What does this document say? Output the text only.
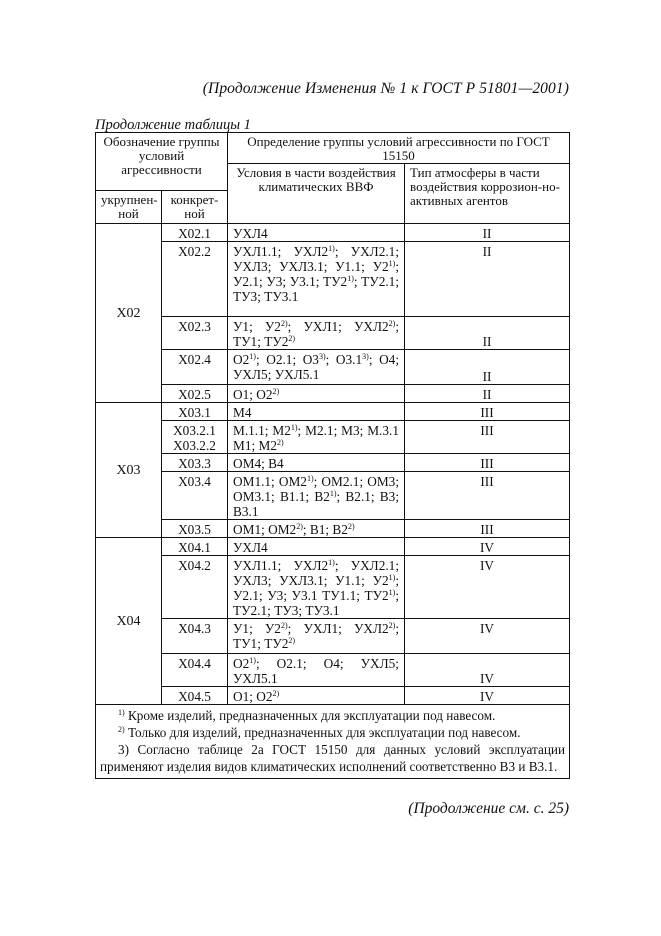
(Продолжение Изменения № 1 к ГОСТ Р 51801—2001)
Продолжение таблицы 1
Обозначение группы условий агрессивности		Определение группы условий агрессивности по ГОСТ 15150	
		Условия в части воздействия климатических ВВФ	Тип атмосферы в части воздействия коррозион-но-активных агентов
укрупнен-ной	конкрет-ной		
Х02	Х02.1	УХЛ4	II
	Х02.2	УХЛ1.1; УХЛ2$^{1)}$; УХЛ2.1; УХЛ3; УХЛ3.1; У1.1; У2$^{1)}$; У2.1; У3; У3.1; ТУ2$^{1)}$; ТУ2.1; ТУ3; ТУ3.1	II
	Х02.3	У1; У2$^{2)}$; УХЛ1; УХЛ2$^{2)}$; ТУ1; ТУ2$^{2)}$	II
	Х02.4	О2$^{1)}$; О2.1; О3$^{3)}$; О3.1$^{3)}$; О4; УХЛ5; УХЛ5.1	II
	Х02.5	О1; О2$^{2)}$	II
Х03	Х03.1	М4	III
	Х03.2.1 Х03.2.2	М.1.1; М2$^{1)}$; М2.1; М3; М.3.1 М1; М2$^{2)}$	III
	Х03.3	ОМ4; В4	III
	Х03.4	ОМ1.1; ОМ2$^{1)}$; ОМ2.1; ОМ3; ОМ3.1; В1.1; В2$^{1)}$; В2.1; В3; В3.1	III
	Х03.5	ОМ1; ОМ2$^{2)}$; В1; В2$^{2)}$	III
Х04	Х04.1	УХЛ4	IV
	Х04.2	УХЛ1.1; УХЛ2$^{1)}$; УХЛ2.1; УХЛ3; УХЛ3.1; У1.1; У2$^{1)}$; У2.1; У3; У3.1 ТУ1.1; ТУ2$^{1)}$; ТУ2.1; ТУ3; ТУ3.1	IV
	Х04.3	У1; У2$^{2)}$; УХЛ1; УХЛ2$^{2)}$; ТУ1; ТУ2$^{2)}$	IV
	Х04.4	О2$^{1)}$; О2.1; О4; УХЛ5; УХЛ5.1	IV
	Х04.5	О1; О2$^{2)}$	IV

$^{1)}$ Кроме изделий, предназначенных для эксплуатации под навесом.
$^{2)}$ Только для изделий, предназначенных для эксплуатации под навесом.
3) Согласно таблице 2а ГОСТ 15150 для данных условий эксплуатации применяют изделия видов климатических исполнений соответственно В3 и В3.1.			
(Продолжение см. с. 25)
